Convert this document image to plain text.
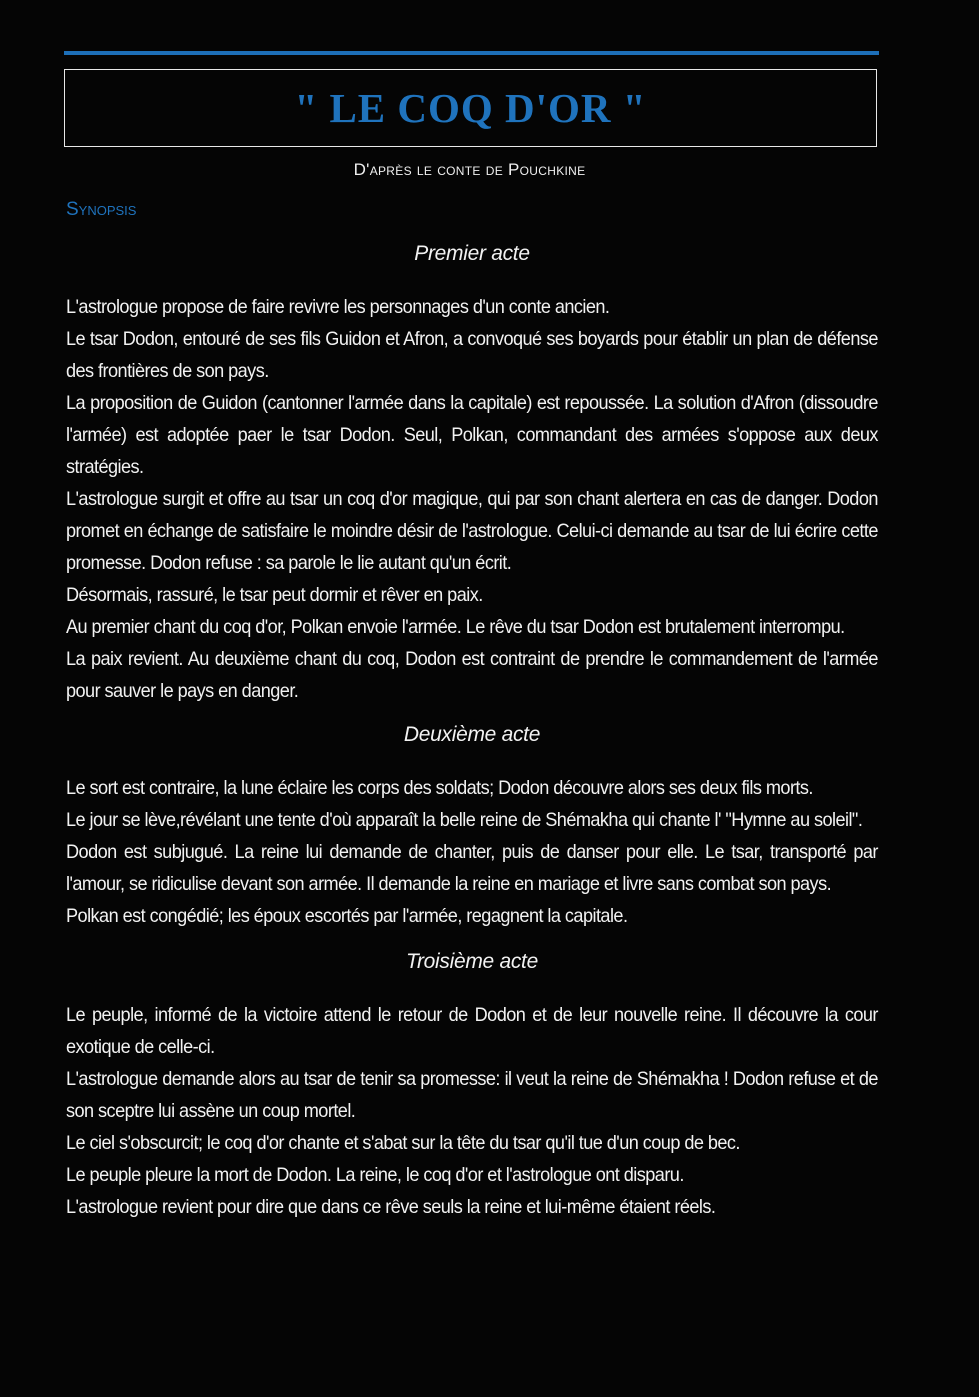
" LE COQ D'OR "
D'après le conte de Pouchkine
Synopsis
Premier acte

L'astrologue propose de faire revivre les personnages d'un conte ancien.

Le tsar Dodon, entouré de ses fils Guidon et Afron, a convoqué ses boyards pour établir un plan de défense des frontières de son pays.

La proposition de Guidon (cantonner l'armée dans la capitale) est repoussée. La solution d'Afron (dissoudre l'armée) est adoptée paer le tsar Dodon. Seul, Polkan, commandant des armées s'oppose aux deux stratégies.

L'astrologue surgit et offre au tsar un coq d'or magique, qui par son chant alertera en cas de danger. Dodon promet en échange de satisfaire le moindre désir de l'astrologue. Celui-ci demande au tsar de lui écrire cette promesse. Dodon refuse : sa parole le lie autant qu'un écrit.

Désormais, rassuré, le tsar peut dormir et rêver en paix.

Au premier chant du coq d'or, Polkan envoie l'armée. Le rêve du tsar Dodon est brutalement interrompu.

La paix revient. Au deuxième chant du coq, Dodon est contraint de prendre le commandement de l'armée pour sauver le pays en danger.

Deuxième acte

Le sort est contraire, la lune éclaire les corps des soldats; Dodon découvre alors ses deux fils morts.

Le jour se lève,révélant une tente d'où apparaît la belle reine de Shémakha qui chante l' "Hymne au soleil".

Dodon est subjugué. La reine lui demande de chanter, puis de danser pour elle. Le tsar, transporté par l'amour, se ridiculise devant son armée. Il demande la reine en mariage et livre sans combat son pays.

Polkan est congédié; les époux escortés par l'armée, regagnent la capitale.

Troisième acte

Le peuple, informé de la victoire attend le retour de Dodon et de leur nouvelle reine. Il découvre la cour exotique de celle-ci.

L'astrologue demande alors au tsar de tenir sa promesse: il veut la reine de Shémakha ! Dodon refuse et de son sceptre lui assène un coup mortel.

Le ciel s'obscurcit; le coq d'or chante et s'abat sur la tête du tsar qu'il tue d'un coup de bec.

Le peuple pleure la mort de Dodon. La reine, le coq d'or et l'astrologue ont disparu.

L'astrologue revient pour dire que dans ce rêve seuls la reine et lui-même étaient réels.
